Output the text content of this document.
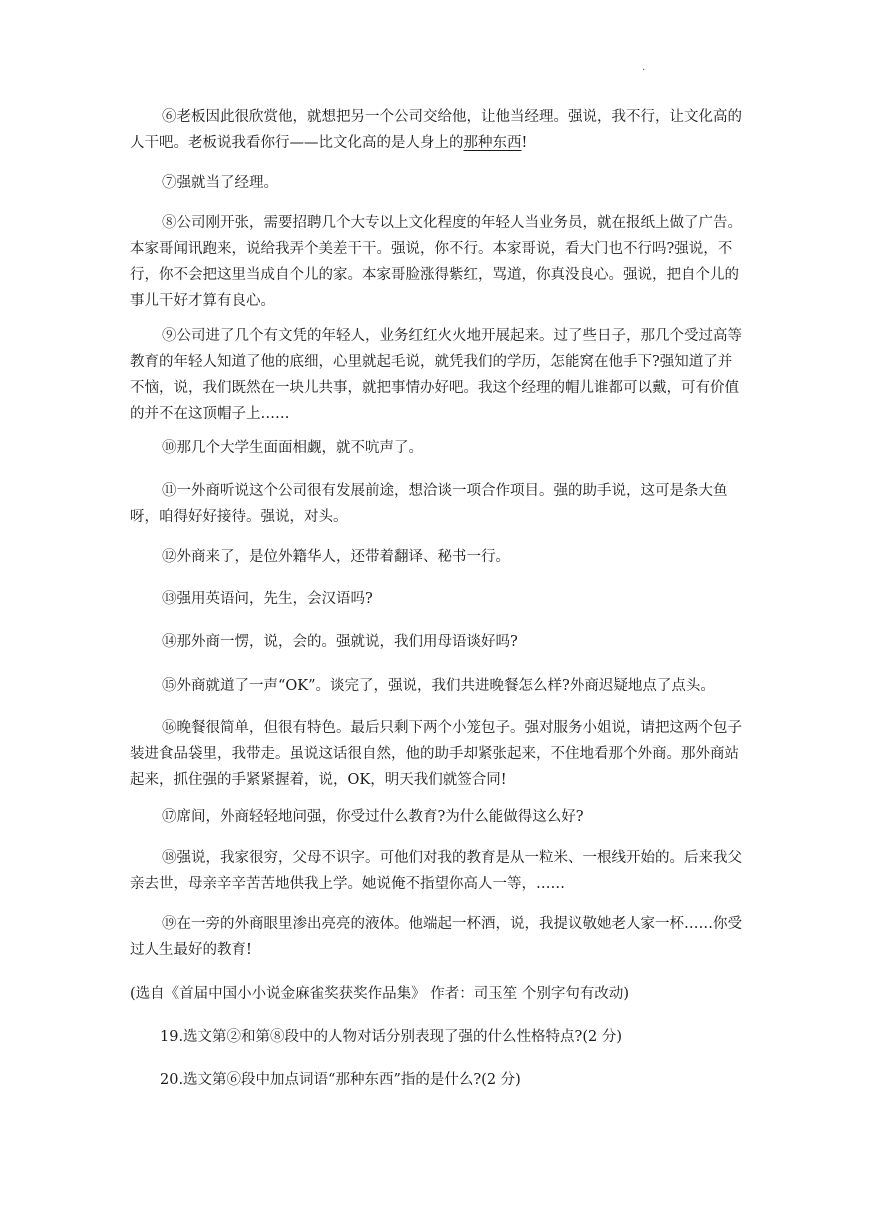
·

⑥老板因此很欣赏他，就想把另一个公司交给他，让他当经理。强说，我不行，让文化高的人干吧。老板说我看你行——比文化高的是人身上的那种东西!

⑦强就当了经理。

⑧公司刚开张，需要招聘几个大专以上文化程度的年轻人当业务员，就在报纸上做了广告。本家哥闻讯跑来，说给我弄个美差干干。强说，你不行。本家哥说，看大门也不行吗?强说，不行，你不会把这里当成自个儿的家。本家哥脸涨得紫红，骂道，你真没良心。强说，把自个儿的事儿干好才算有良心。

⑨公司进了几个有文凭的年轻人，业务红红火火地开展起来。过了些日子，那几个受过高等教育的年轻人知道了他的底细，心里就起毛说，就凭我们的学历，怎能窝在他手下?强知道了并不恼，说，我们既然在一块儿共事，就把事情办好吧。我这个经理的帽儿谁都可以戴，可有价值的并不在这顶帽子上……

⑩那几个大学生面面相觑，就不吭声了。

⑪一外商听说这个公司很有发展前途，想洽谈一项合作项目。强的助手说，这可是条大鱼呀，咱得好好接待。强说，对头。

⑫外商来了，是位外籍华人，还带着翻译、秘书一行。

⑬强用英语问，先生，会汉语吗?

⑭那外商一愣，说，会的。强就说，我们用母语谈好吗?

⑮外商就道了一声“OK”。谈完了，强说，我们共进晚餐怎么样?外商迟疑地点了点头。

⑯晚餐很简单，但很有特色。最后只剩下两个小笼包子。强对服务小姐说，请把这两个包子装进食品袋里，我带走。虽说这话很自然，他的助手却紧张起来，不住地看那个外商。那外商站起来，抓住强的手紧紧握着，说，OK，明天我们就签合同!

⑰席间，外商轻轻地问强，你受过什么教育?为什么能做得这么好?

⑱强说，我家很穷，父母不识字。可他们对我的教育是从一粒米、一根线开始的。后来我父亲去世，母亲辛辛苦苦地供我上学。她说俺不指望你高人一等，……

⑲在一旁的外商眼里渗出亮亮的液体。他端起一杯酒，说，我提议敬她老人家一杯……你受过人生最好的教育!

(选自《首届中国小小说金麻雀奖获奖作品集》 作者：司玉笙 个别字句有改动)

19.选文第②和第⑧段中的人物对话分别表现了强的什么性格特点?(2 分)

20.选文第⑥段中加点词语“那种东西”指的是什么?(2 分)
